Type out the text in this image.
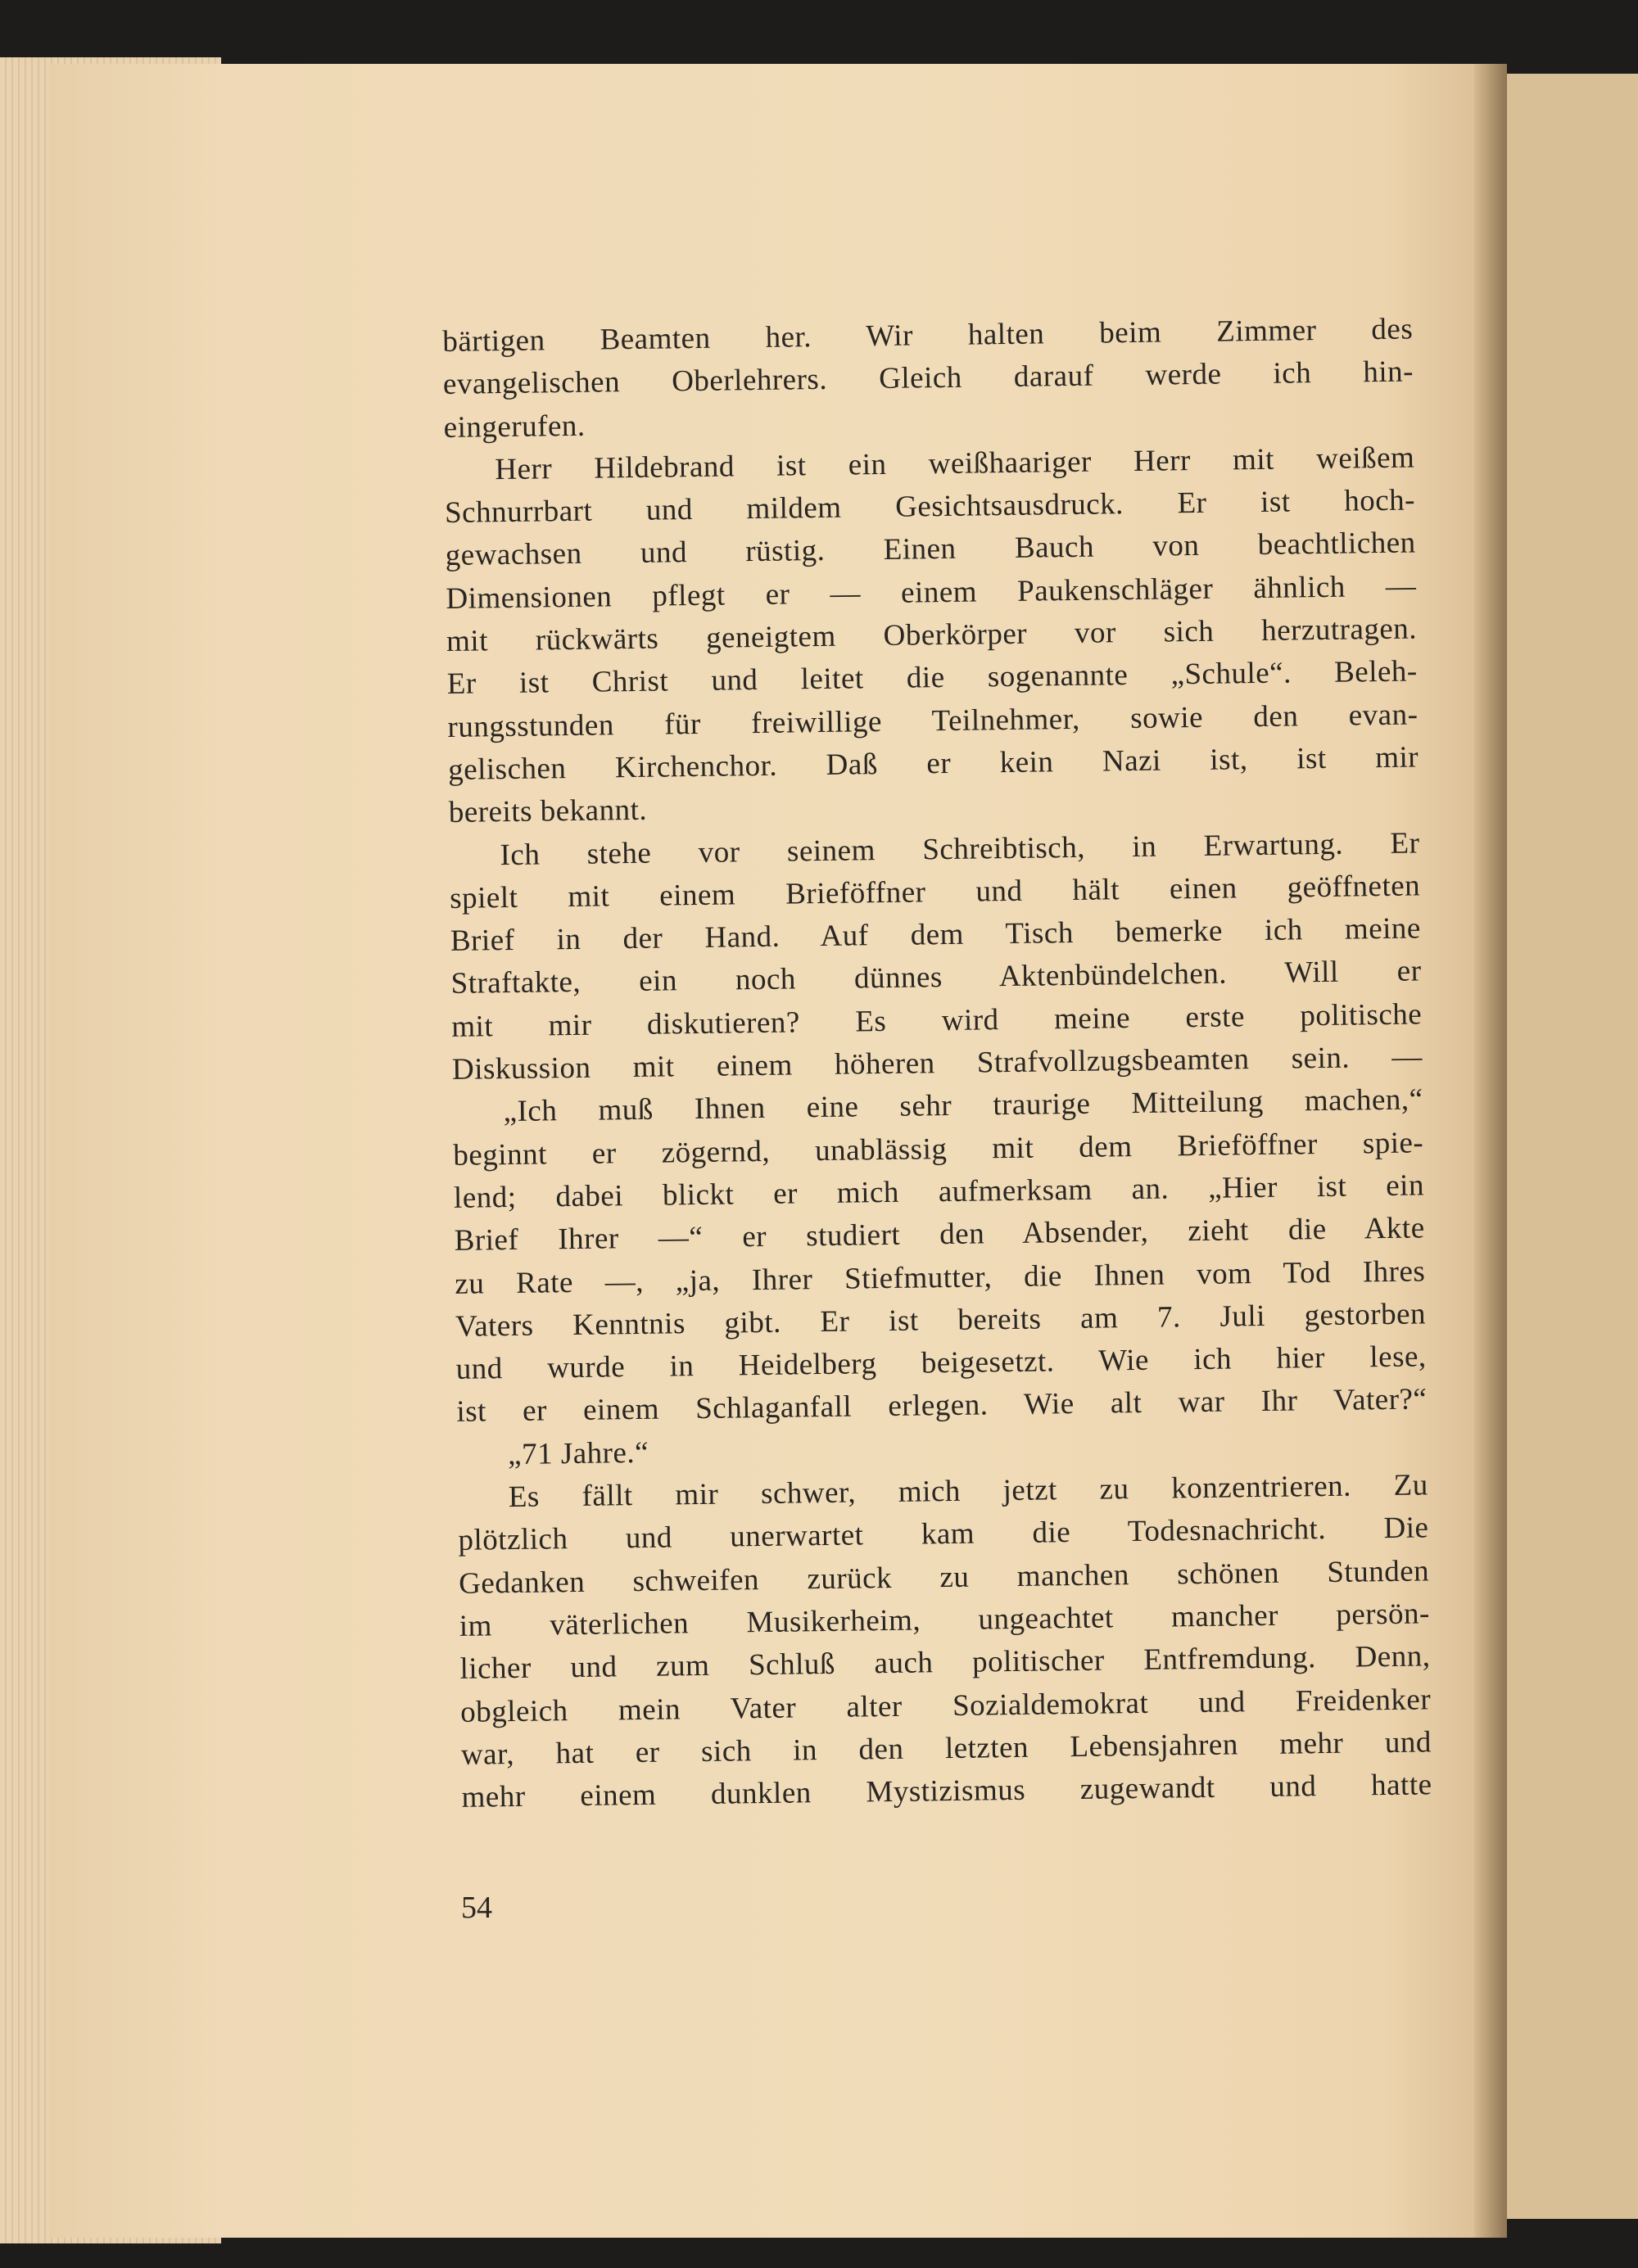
bärtigen Beamten her. Wir halten beim Zimmer des
evangelischen Oberlehrers. Gleich darauf werde ich hin-
eingerufen.
Herr Hildebrand ist ein weißhaariger Herr mit weißem
Schnurrbart und mildem Gesichtsausdruck. Er ist hoch-
gewachsen und rüstig. Einen Bauch von beachtlichen
Dimensionen pflegt er — einem Paukenschläger ähnlich —
mit rückwärts geneigtem Oberkörper vor sich herzutragen.
Er ist Christ und leitet die sogenannte „Schule“. Beleh-
rungsstunden für freiwillige Teilnehmer, sowie den evan-
gelischen Kirchenchor. Daß er kein Nazi ist, ist mir
bereits bekannt.
Ich stehe vor seinem Schreibtisch, in Erwartung. Er
spielt mit einem Brieföffner und hält einen geöffneten
Brief in der Hand. Auf dem Tisch bemerke ich meine
Straftakte, ein noch dünnes Aktenbündelchen. Will er
mit mir diskutieren? Es wird meine erste politische
Diskussion mit einem höheren Strafvollzugsbeamten sein. —
„Ich muß Ihnen eine sehr traurige Mitteilung machen,“
beginnt er zögernd, unablässig mit dem Brieföffner spie-
lend; dabei blickt er mich aufmerksam an. „Hier ist ein
Brief Ihrer —“ er studiert den Absender, zieht die Akte
zu Rate —, „ja, Ihrer Stiefmutter, die Ihnen vom Tod Ihres
Vaters Kenntnis gibt. Er ist bereits am 7. Juli gestorben
und wurde in Heidelberg beigesetzt. Wie ich hier lese,
ist er einem Schlaganfall erlegen. Wie alt war Ihr Vater?“
„71 Jahre.“
Es fällt mir schwer, mich jetzt zu konzentrieren. Zu
plötzlich und unerwartet kam die Todesnachricht. Die
Gedanken schweifen zurück zu manchen schönen Stunden
im väterlichen Musikerheim, ungeachtet mancher persön-
licher und zum Schluß auch politischer Entfremdung. Denn,
obgleich mein Vater alter Sozialdemokrat und Freidenker
war, hat er sich in den letzten Lebensjahren mehr und
mehr einem dunklen Mystizismus zugewandt und hatte
54
